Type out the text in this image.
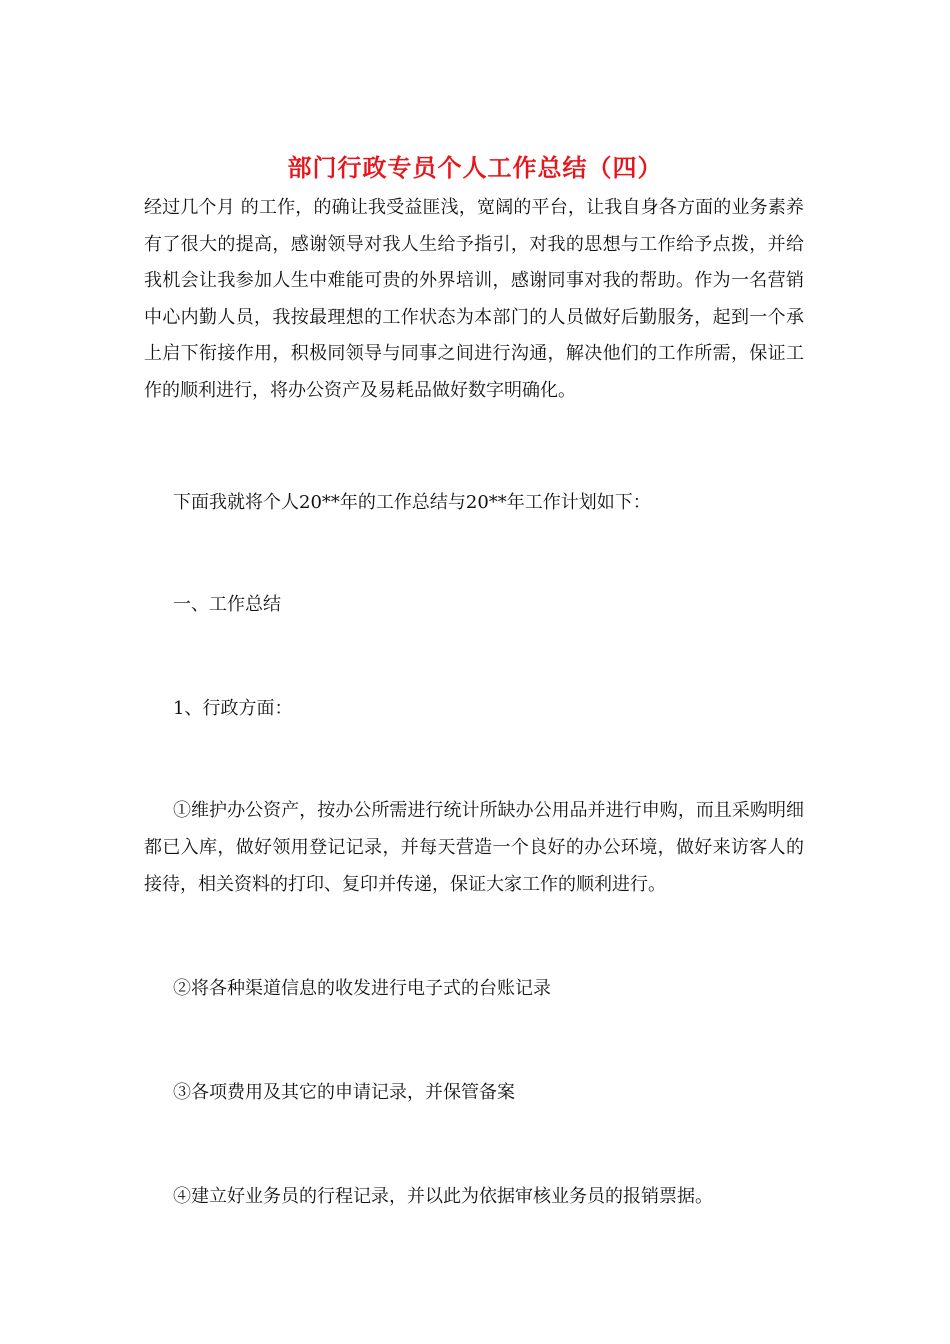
部门行政专员个人工作总结（四）

经过几个月 的工作，的确让我受益匪浅，宽阔的平台，让我自身各方面的业务素养有了很大的提高，感谢领导对我人生给予指引，对我的思想与工作给予点拨，并给我机会让我参加人生中难能可贵的外界培训，感谢同事对我的帮助。作为一名营销中心内勤人员，我按最理想的工作状态为本部门的人员做好后勤服务，起到一个承上启下衔接作用，积极同领导与同事之间进行沟通，解决他们的工作所需，保证工作的顺利进行，将办公资产及易耗品做好数字明确化。

下面我就将个人20**年的工作总结与20**年工作计划如下：

一、工作总结

1、行政方面：

①维护办公资产，按办公所需进行统计所缺办公用品并进行申购，而且采购明细都已入库，做好领用登记记录，并每天营造一个良好的办公环境，做好来访客人的接待，相关资料的打印、复印并传递，保证大家工作的顺利进行。

②将各种渠道信息的收发进行电子式的台账记录

③各项费用及其它的申请记录，并保管备案

④建立好业务员的行程记录，并以此为依据审核业务员的报销票据。
